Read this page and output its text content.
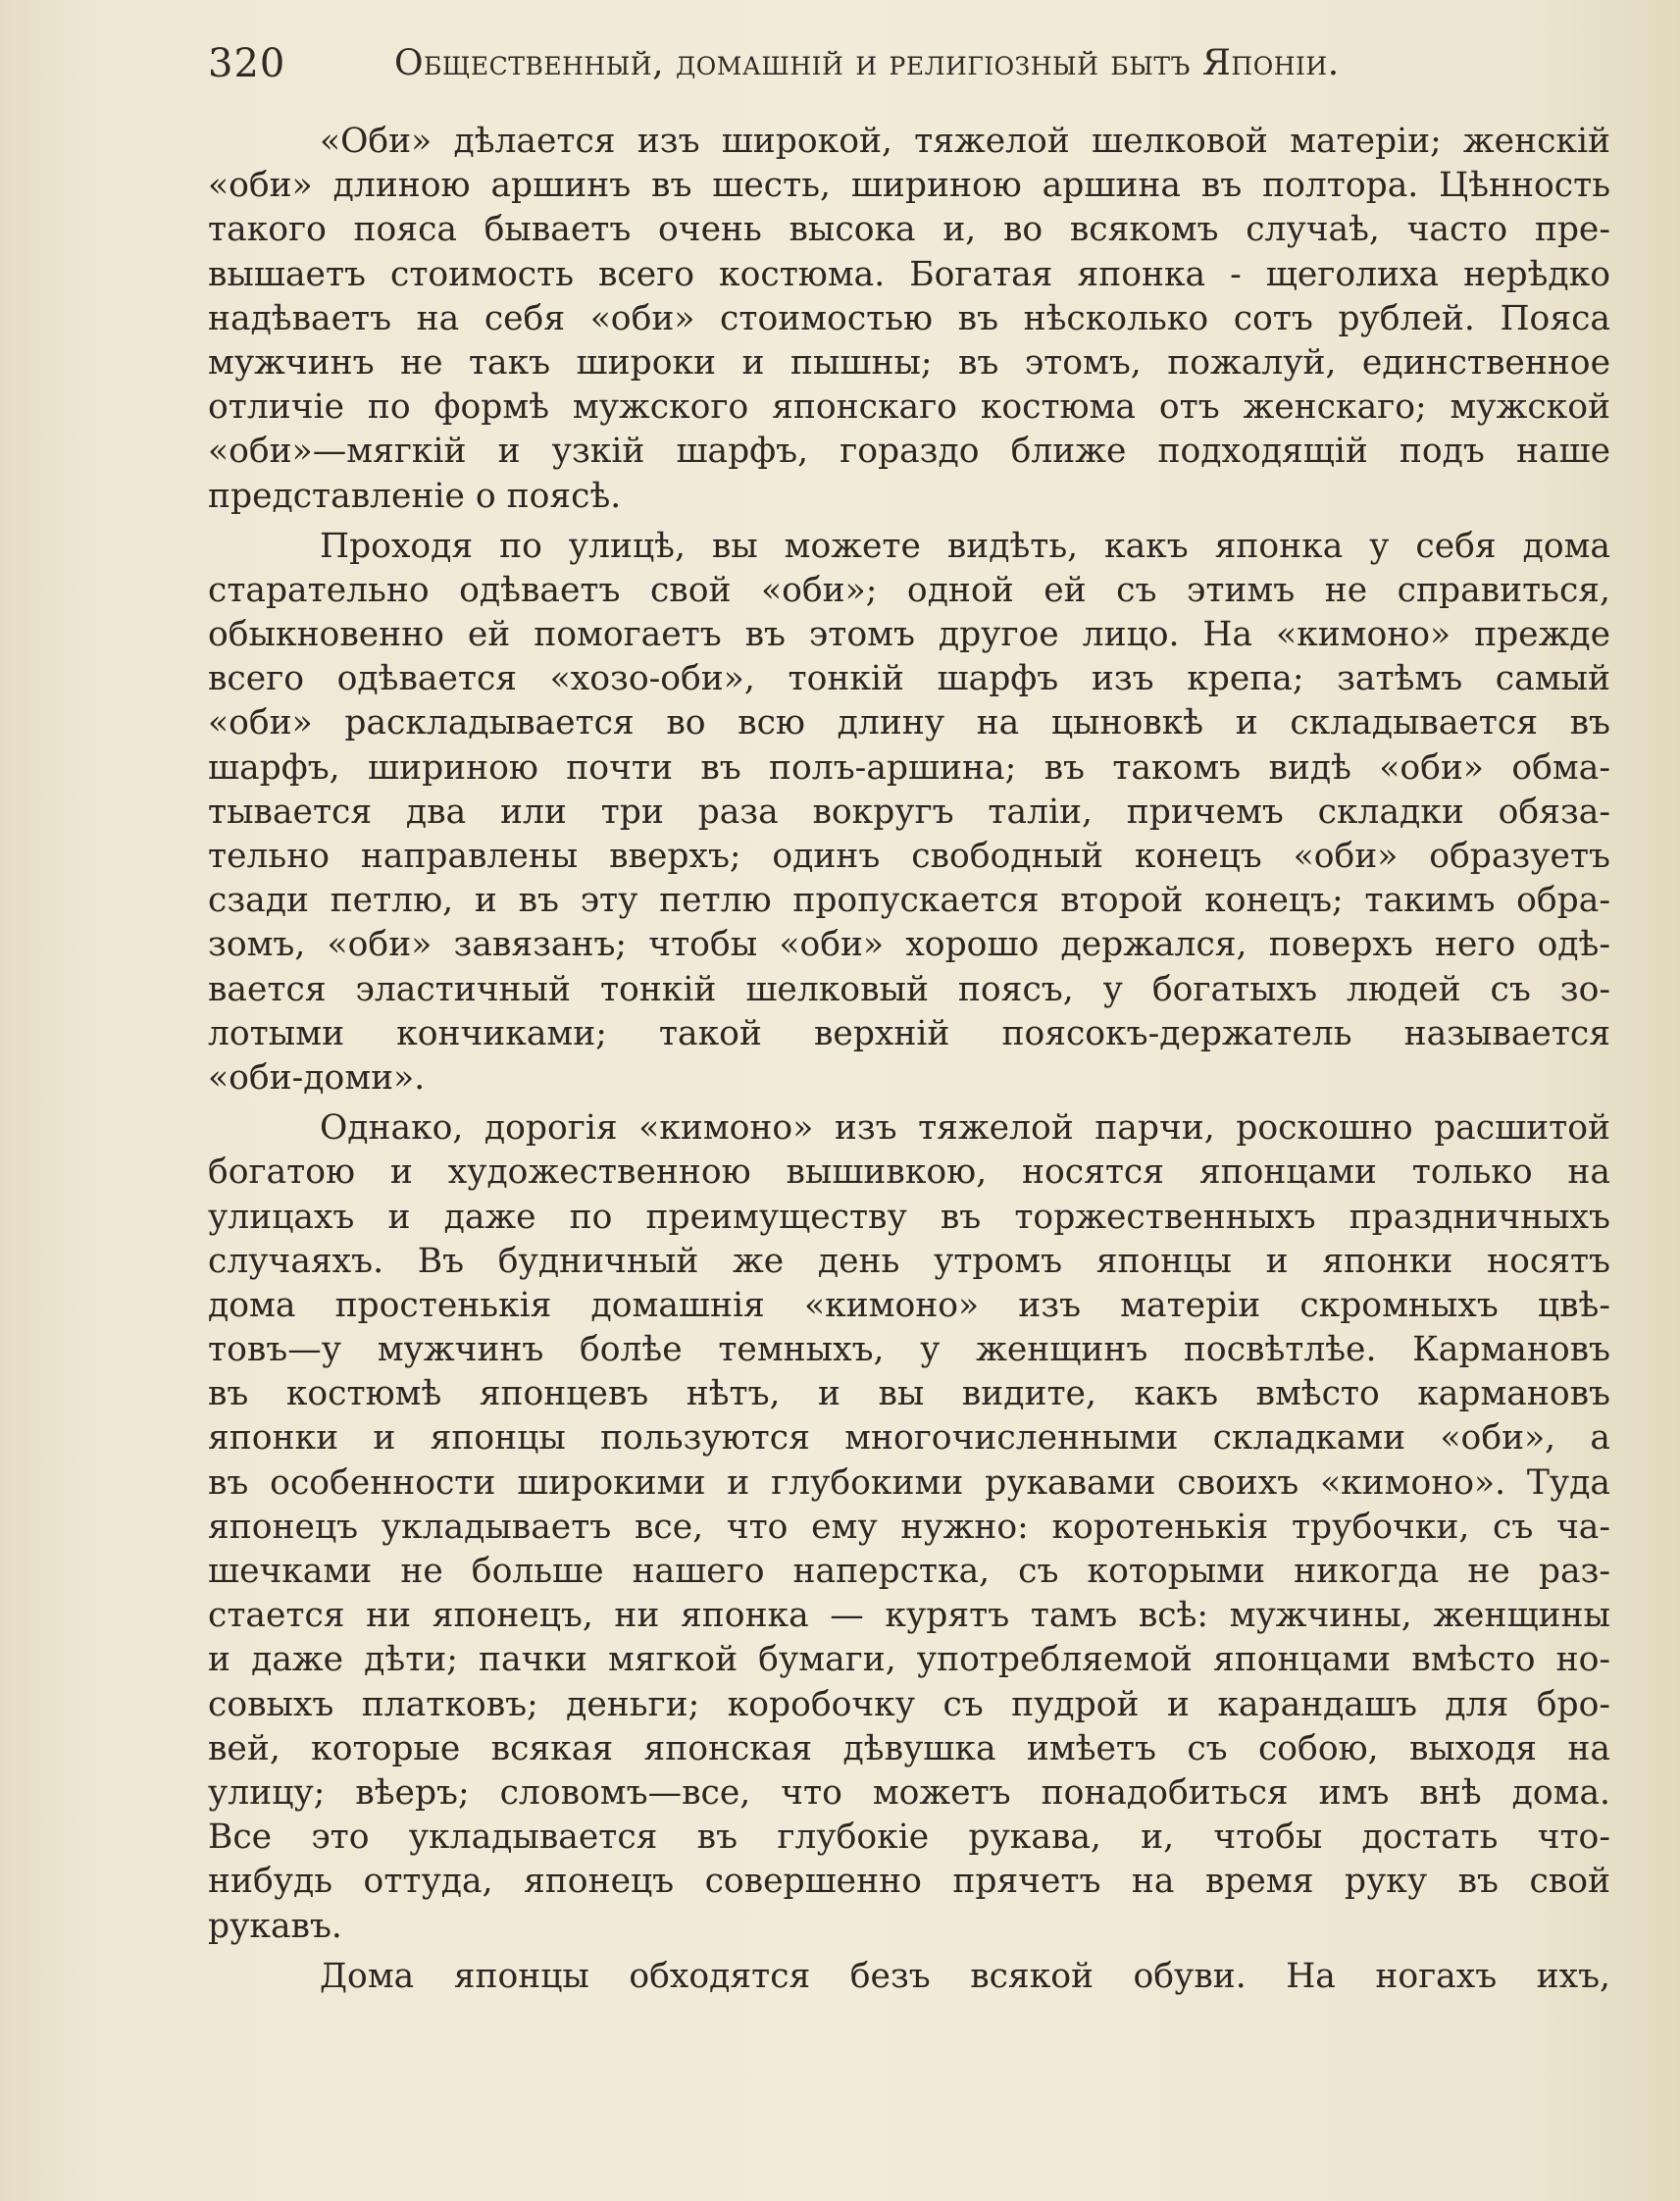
320	Общественный, домашній и религіозный бытъ Японіи.
«Оби» дѣлается изъ широкой, тяжелой шелковой матеріи; женскій
«оби» длиною аршинъ въ шесть, шириною аршина въ полтора. Цѣнность
такого пояса бываетъ очень высока и, во всякомъ случаѣ, часто пре-
вышаетъ стоимость всего костюма. Богатая японка - щеголиха нерѣдко
надѣваетъ на себя «оби» стоимостью въ нѣсколько сотъ рублей. Пояса
мужчинъ не такъ широки и пышны; въ этомъ, пожалуй, единственное
отличіе по формѣ мужского японскаго костюма отъ женскаго; мужской
«оби»—мягкій и узкій шарфъ, гораздо ближе подходящій подъ наше
представленіе о поясѣ.
Проходя по улицѣ, вы можете видѣть, какъ японка у себя дома
старательно одѣваетъ свой «оби»; одной ей съ этимъ не справиться,
обыкновенно ей помогаетъ въ этомъ другое лицо. На «кимоно» прежде
всего одѣвается «хозо-оби», тонкій шарфъ изъ крепа; затѣмъ самый
«оби» раскладывается во всю длину на цыновкѣ и складывается въ
шарфъ, шириною почти въ полъ-аршина; въ такомъ видѣ «оби» обма-
тывается два или три раза вокругъ таліи, причемъ складки обяза-
тельно направлены вверхъ; одинъ свободный конецъ «оби» образуетъ
сзади петлю, и въ эту петлю пропускается второй конецъ; такимъ обра-
зомъ, «оби» завязанъ; чтобы «оби» хорошо держался, поверхъ него одѣ-
вается эластичный тонкій шелковый поясъ, у богатыхъ людей съ зо-
лотыми кончиками; такой верхній поясокъ-держатель называется
«оби-доми».
Однако, дорогія «кимоно» изъ тяжелой парчи, роскошно расшитой
богатою и художественною вышивкою, носятся японцами только на
улицахъ и даже по преимуществу въ торжественныхъ праздничныхъ
случаяхъ. Въ будничный же день утромъ японцы и японки носятъ
дома простенькія домашнія «кимоно» изъ матеріи скромныхъ цвѣ-
товъ—у мужчинъ болѣе темныхъ, у женщинъ посвѣтлѣе. Кармановъ
въ костюмѣ японцевъ нѣтъ, и вы видите, какъ вмѣсто кармановъ
японки и японцы пользуются многочисленными складками «оби», а
въ особенности широкими и глубокими рукавами своихъ «кимоно». Туда
японецъ укладываетъ все, что ему нужно: коротенькія трубочки, съ ча-
шечками не больше нашего наперстка, съ которыми никогда не раз-
стается ни японецъ, ни японка — курятъ тамъ всѣ: мужчины, женщины
и даже дѣти; пачки мягкой бумаги, употребляемой японцами вмѣсто но-
совыхъ платковъ; деньги; коробочку съ пудрой и карандашъ для бро-
вей, которые всякая японская дѣвушка имѣетъ съ собою, выходя на
улицу; вѣеръ; словомъ—все, что можетъ понадобиться имъ внѣ дома.
Все это укладывается въ глубокіе рукава, и, чтобы достать что-
нибудь оттуда, японецъ совершенно прячетъ на время руку въ свой
рукавъ.
Дома японцы обходятся безъ всякой обуви. На ногахъ ихъ,
